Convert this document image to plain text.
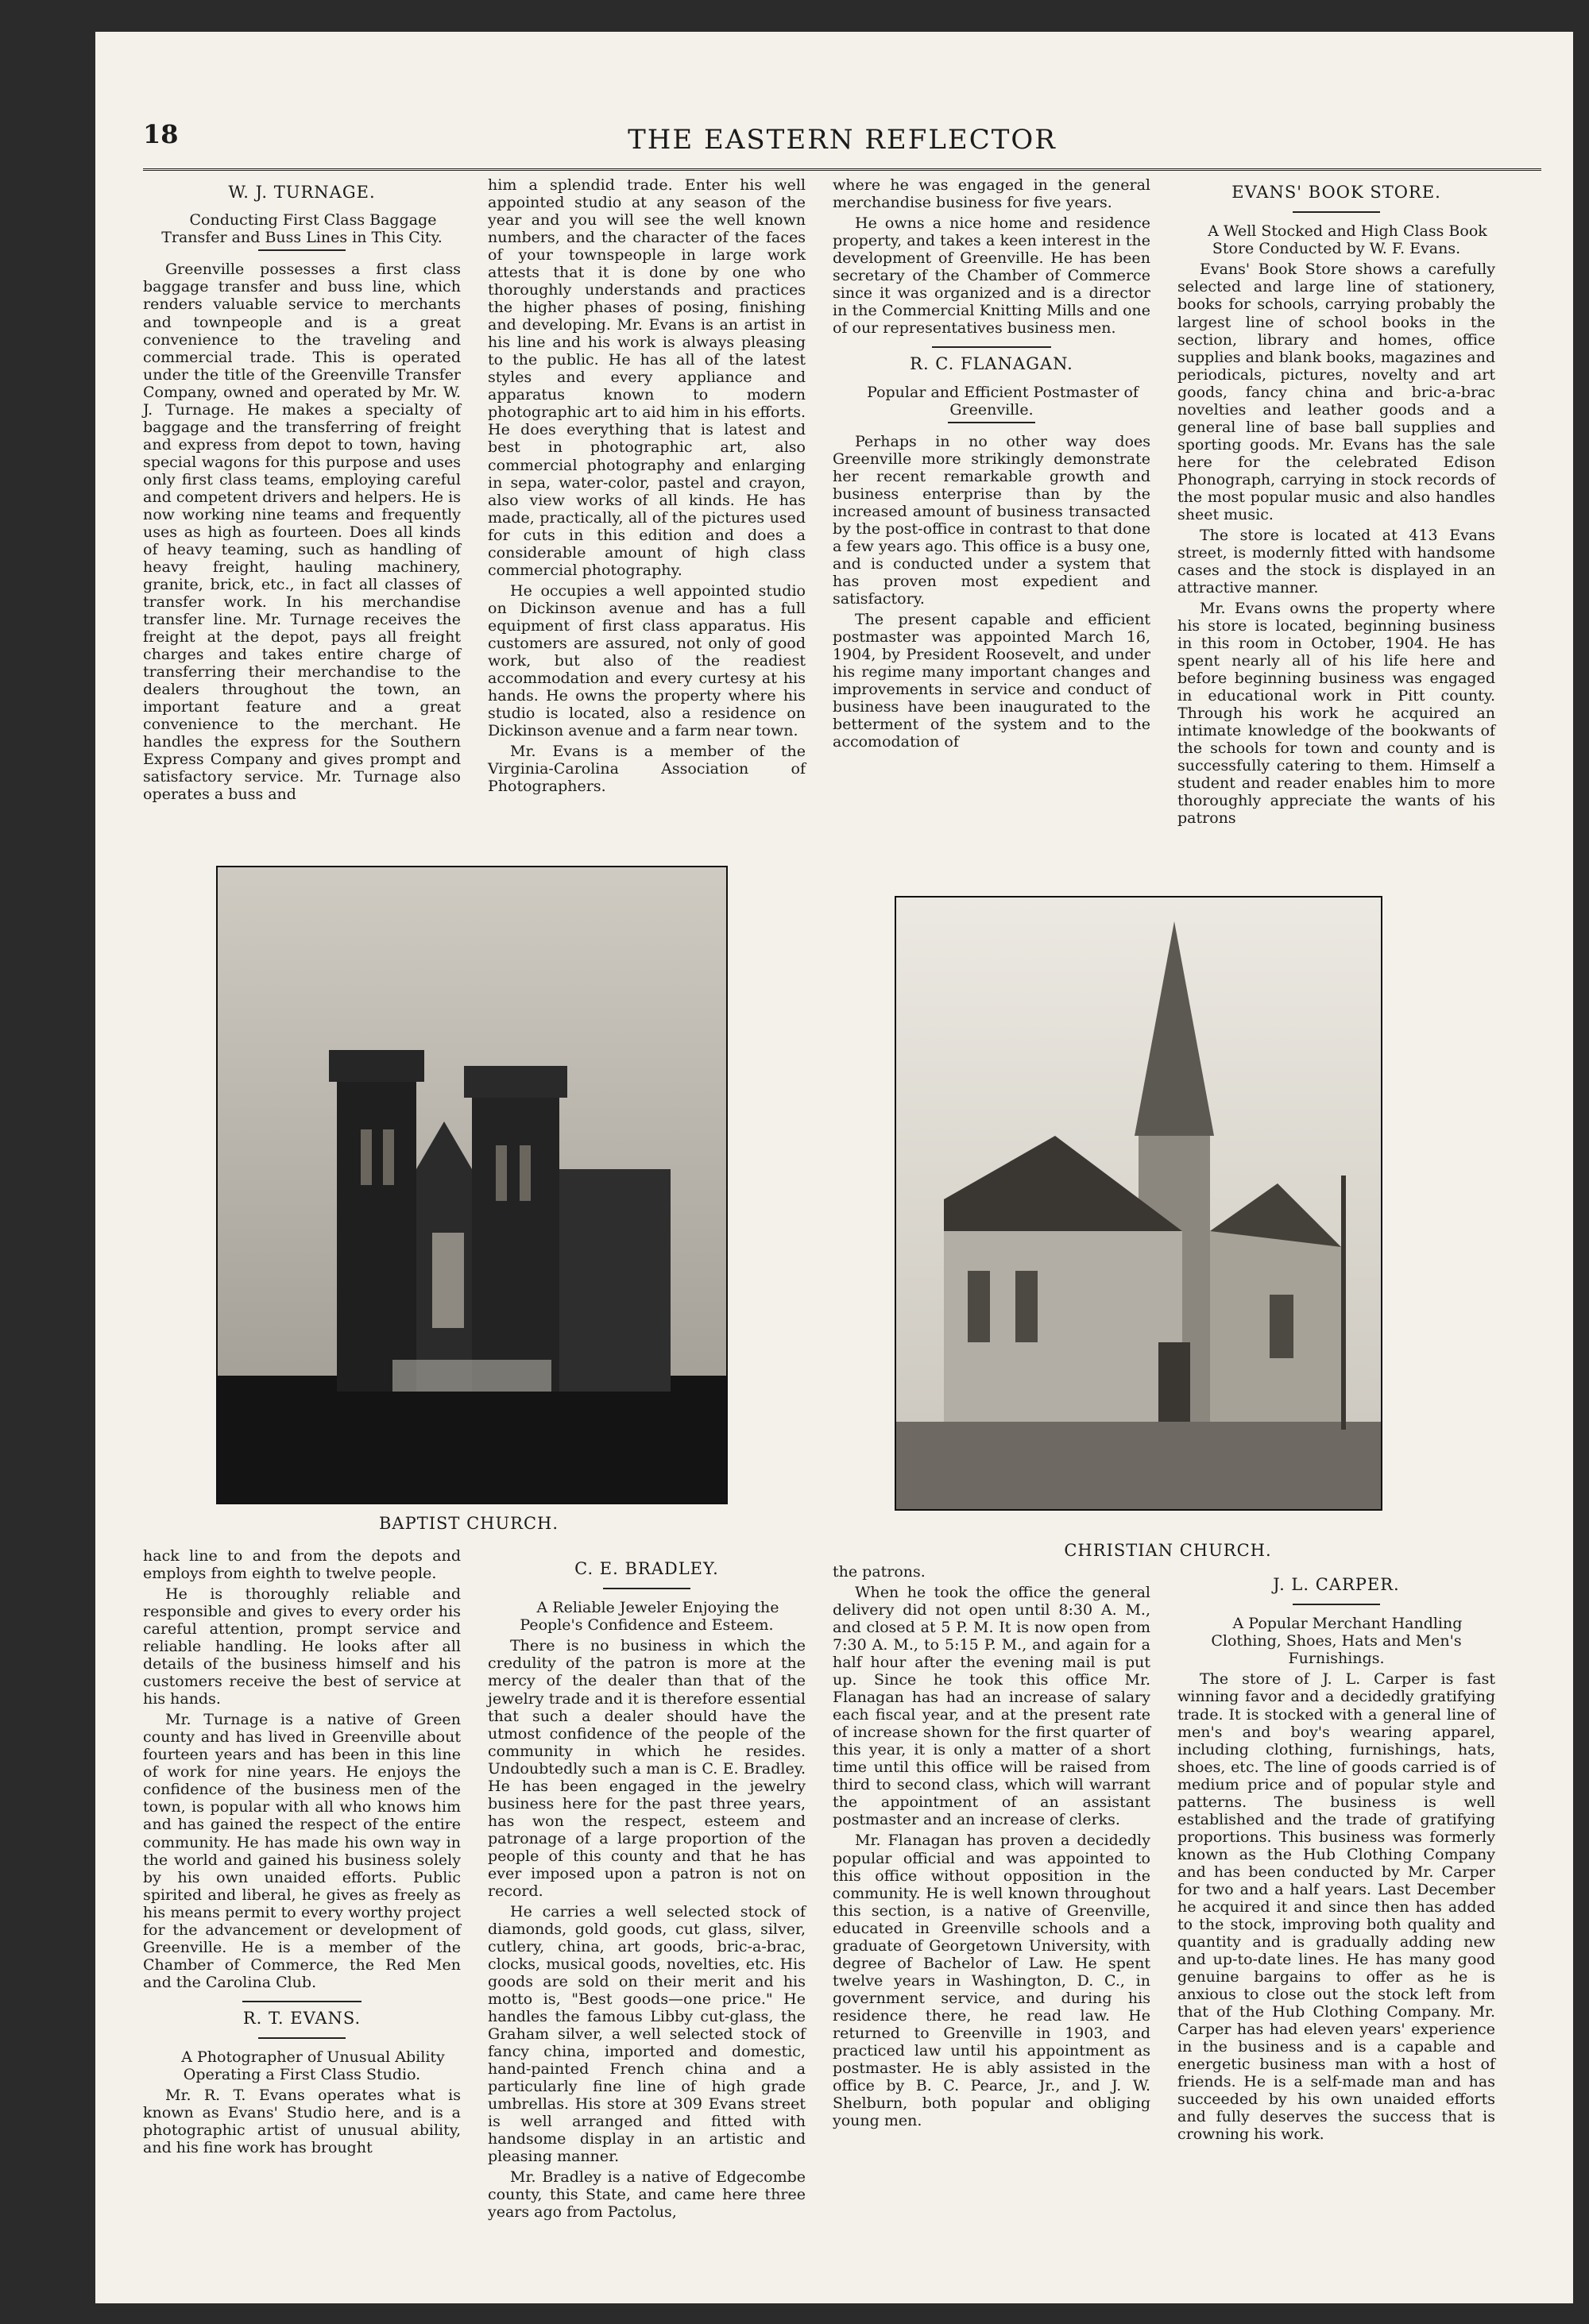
18	THE EASTERN REFLECTOR
W. J. TURNAGE.

Conducting First Class Baggage Transfer and Buss Lines in This City.

Greenville possesses a first class baggage transfer and buss line, which renders valuable service to merchants and townpeople and is a great convenience to the traveling and commercial trade. This is operated under the title of the Greenville Transfer Company, owned and operated by Mr. W. J. Turnage. He makes a specialty of baggage and the transferring of freight and express from depot to town, having special wagons for this purpose and uses only first class teams, employing careful and competent drivers and helpers. He is now working nine teams and frequently uses as high as fourteen. Does all kinds of heavy teaming, such as handling of heavy freight, hauling machinery, granite, brick, etc., in fact all classes of transfer work. In his merchandise transfer line. Mr. Turnage receives the freight at the depot, pays all freight charges and takes entire charge of transferring their merchandise to the dealers throughout the town, an important feature and a great convenience to the merchant. He handles the express for the Southern Express Company and gives prompt and satisfactory service. Mr. Turnage also operates a buss and

him a splendid trade. Enter his well appointed studio at any season of the year and you will see the well known numbers, and the character of the faces of your townspeople in large work attests that it is done by one who thoroughly understands and practices the higher phases of posing, finishing and developing. Mr. Evans is an artist in his line and his work is always pleasing to the public. He has all of the latest styles and every appliance and apparatus known to modern photographic art to aid him in his efforts. He does everything that is latest and best in photographic art, also commercial photography and enlarging in sepa, water-color, pastel and crayon, also view works of all kinds. He has made, practically, all of the pictures used for cuts in this edition and does a considerable amount of high class commercial photography.

He occupies a well appointed studio on Dickinson avenue and has a full equipment of first class apparatus. His customers are assured, not only of good work, but also of the readiest accommodation and every curtesy at his hands. He owns the property where his studio is located, also a residence on Dickinson avenue and a farm near town.

Mr. Evans is a member of the Virginia-Carolina Association of Photographers.

where he was engaged in the general merchandise business for five years.

He owns a nice home and residence property, and takes a keen interest in the development of Greenville. He has been secretary of the Chamber of Commerce since it was organized and is a director in the Commercial Knitting Mills and one of our representatives business men.

R. C. FLANAGAN.

Popular and Efficient Postmaster of Greenville.

Perhaps in no other way does Greenville more strikingly demonstrate her recent remarkable growth and business enterprise than by the increased amount of business transacted by the post-office in contrast to that done a few years ago. This office is a busy one, and is conducted under a system that has proven most expedient and satisfactory.

The present capable and efficient postmaster was appointed March 16, 1904, by President Roosevelt, and under his regime many important changes and improvements in service and conduct of business have been inaugurated to the betterment of the system and to the accomodation of

EVANS' BOOK STORE.

A Well Stocked and High Class Book Store Conducted by W. F. Evans.

Evans' Book Store shows a carefully selected and large line of stationery, books for schools, carrying probably the largest line of school books in the section, library and homes, office supplies and blank books, magazines and periodicals, pictures, novelty and art goods, fancy china and bric-a-brac novelties and leather goods and a general line of base ball supplies and sporting goods. Mr. Evans has the sale here for the celebrated Edison Phonograph, carrying in stock records of the most popular music and also handles sheet music.

The store is located at 413 Evans street, is modernly fitted with handsome cases and the stock is displayed in an attractive manner.

Mr. Evans owns the property where his store is located, beginning business in this room in October, 1904. He has spent nearly all of his life here and before beginning business was engaged in educational work in Pitt county. Through his work he acquired an intimate knowledge of the bookwants of the schools for town and county and is successfully catering to them. Himself a student and reader enables him to more thoroughly appreciate the wants of his patrons

BAPTIST CHURCH.
CHRISTIAN CHURCH.

hack line to and from the depots and employs from eighth to twelve people.

He is thoroughly reliable and responsible and gives to every order his careful attention, prompt service and reliable handling. He looks after all details of the business himself and his customers receive the best of service at his hands.

Mr. Turnage is a native of Green county and has lived in Greenville about fourteen years and has been in this line of work for nine years. He enjoys the confidence of the business men of the town, is popular with all who knows him and has gained the respect of the entire community. He has made his own way in the world and gained his business solely by his own unaided efforts. Public spirited and liberal, he gives as freely as his means permit to every worthy project for the advancement or development of Greenville. He is a member of the Chamber of Commerce, the Red Men and the Carolina Club.

R. T. EVANS.

A Photographer of Unusual Ability Operating a First Class Studio.

Mr. R. T. Evans operates what is known as Evans' Studio here, and is a photographic artist of unusual ability, and his fine work has brought

C. E. BRADLEY.

A Reliable Jeweler Enjoying the People's Confidence and Esteem.

There is no business in which the credulity of the patron is more at the mercy of the dealer than that of the jewelry trade and it is therefore essential that such a dealer should have the utmost confidence of the people of the community in which he resides. Undoubtedly such a man is C. E. Bradley. He has been engaged in the jewelry business here for the past three years, has won the respect, esteem and patronage of a large proportion of the people of this county and that he has ever imposed upon a patron is not on record.

He carries a well selected stock of diamonds, gold goods, cut glass, silver, cutlery, china, art goods, bric-a-brac, clocks, musical goods, novelties, etc. His goods are sold on their merit and his motto is, "Best goods—one price." He handles the famous Libby cut-glass, the Graham silver, a well selected stock of fancy china, imported and domestic, hand-painted French china and a particularly fine line of high grade umbrellas. His store at 309 Evans street is well arranged and fitted with handsome display in an artistic and pleasing manner.

Mr. Bradley is a native of Edgecombe county, this State, and came here three years ago from Pactolus,

the patrons.

When he took the office the general delivery did not open until 8:30 A. M., and closed at 5 P. M. It is now open from 7:30 A. M., to 5:15 P. M., and again for a half hour after the evening mail is put up. Since he took this office Mr. Flanagan has had an increase of salary each fiscal year, and at the present rate of increase shown for the first quarter of this year, it is only a matter of a short time until this office will be raised from third to second class, which will warrant the appointment of an assistant postmaster and an increase of clerks.

Mr. Flanagan has proven a decidedly popular official and was appointed to this office without opposition in the community. He is well known throughout this section, is a native of Greenville, educated in Greenville schools and a graduate of Georgetown University, with degree of Bachelor of Law. He spent twelve years in Washington, D. C., in government service, and during his residence there, he read law. He returned to Greenville in 1903, and practiced law until his appointment as postmaster. He is ably assisted in the office by B. C. Pearce, Jr., and J. W. Shelburn, both popular and obliging young men.

J. L. CARPER.

A Popular Merchant Handling Clothing, Shoes, Hats and Men's Furnishings.

The store of J. L. Carper is fast winning favor and a decidedly gratifying trade. It is stocked with a general line of men's and boy's wearing apparel, including clothing, furnishings, hats, shoes, etc. The line of goods carried is of medium price and of popular style and patterns. The business is well established and the trade of gratifying proportions. This business was formerly known as the Hub Clothing Company and has been conducted by Mr. Carper for two and a half years. Last December he acquired it and since then has added to the stock, improving both quality and quantity and is gradually adding new and up-to-date lines. He has many good genuine bargains to offer as he is anxious to close out the stock left from that of the Hub Clothing Company. Mr. Carper has had eleven years' experience in the business and is a capable and energetic business man with a host of friends. He is a self-made man and has succeeded by his own unaided efforts and fully deserves the success that is crowning his work.
